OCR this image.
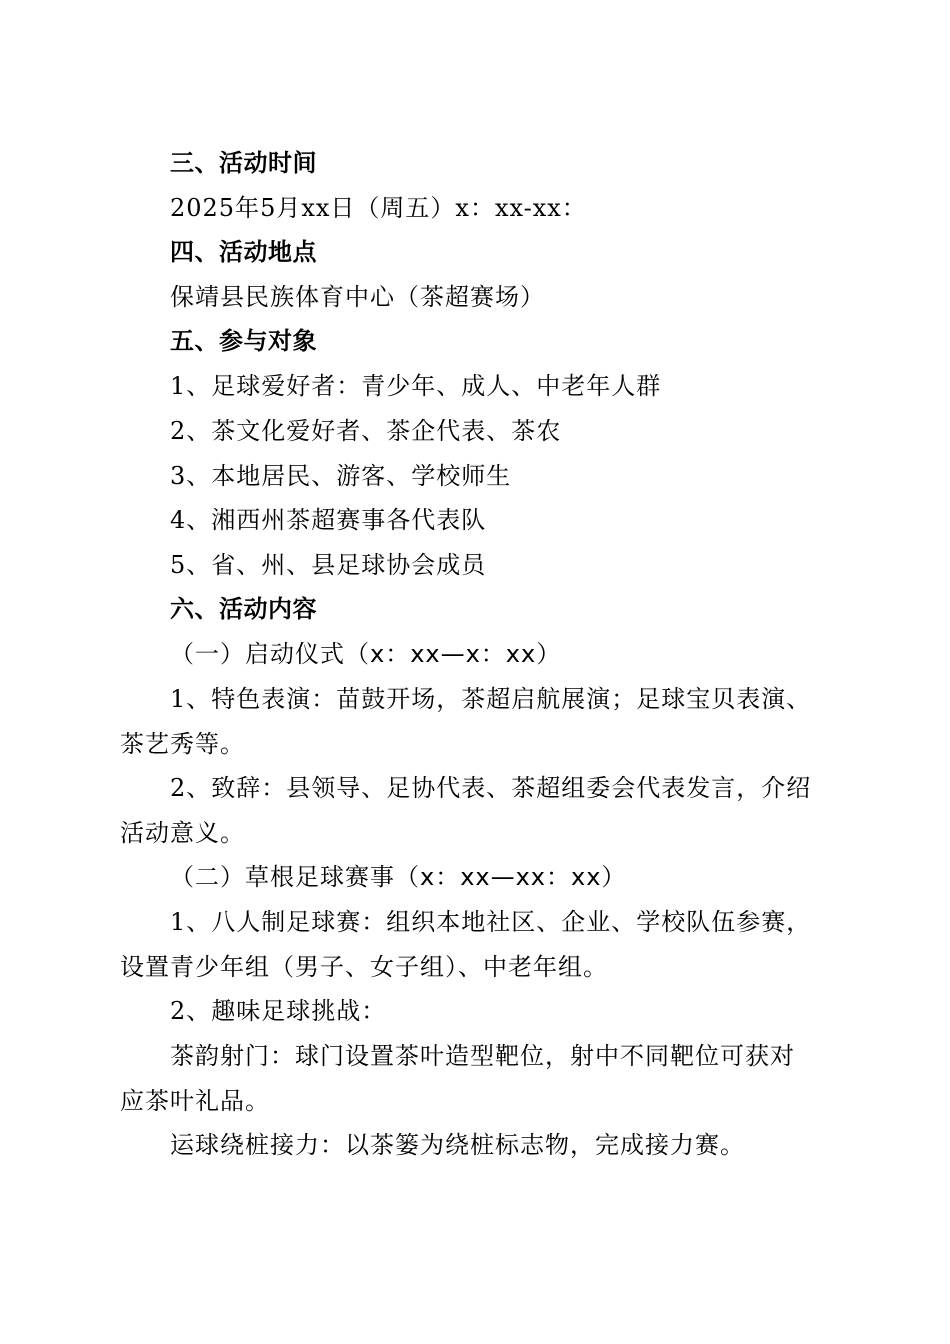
三、活动时间
2025年5月xx日（周五）x：xx-xx：
四、活动地点
保靖县民族体育中心（茶超赛场）
五、参与对象
1、足球爱好者：青少年、成人、中老年人群
2、茶文化爱好者、茶企代表、茶农
3、本地居民、游客、学校师生
4、湘西州茶超赛事各代表队
5、省、州、县足球协会成员
六、活动内容
（一）启动仪式（x：xx—x：xx）
1、特色表演：苗鼓开场，茶超启航展演；足球宝贝表演、
茶艺秀等。
2、致辞：县领导、足协代表、茶超组委会代表发言，介绍
活动意义。
（二）草根足球赛事（x：xx—xx：xx）
1、八人制足球赛：组织本地社区、企业、学校队伍参赛，
设置青少年组（男子、女子组）、中老年组。
2、趣味足球挑战：
茶韵射门：球门设置茶叶造型靶位，射中不同靶位可获对
应茶叶礼品。
运球绕桩接力：以茶篓为绕桩标志物，完成接力赛。
